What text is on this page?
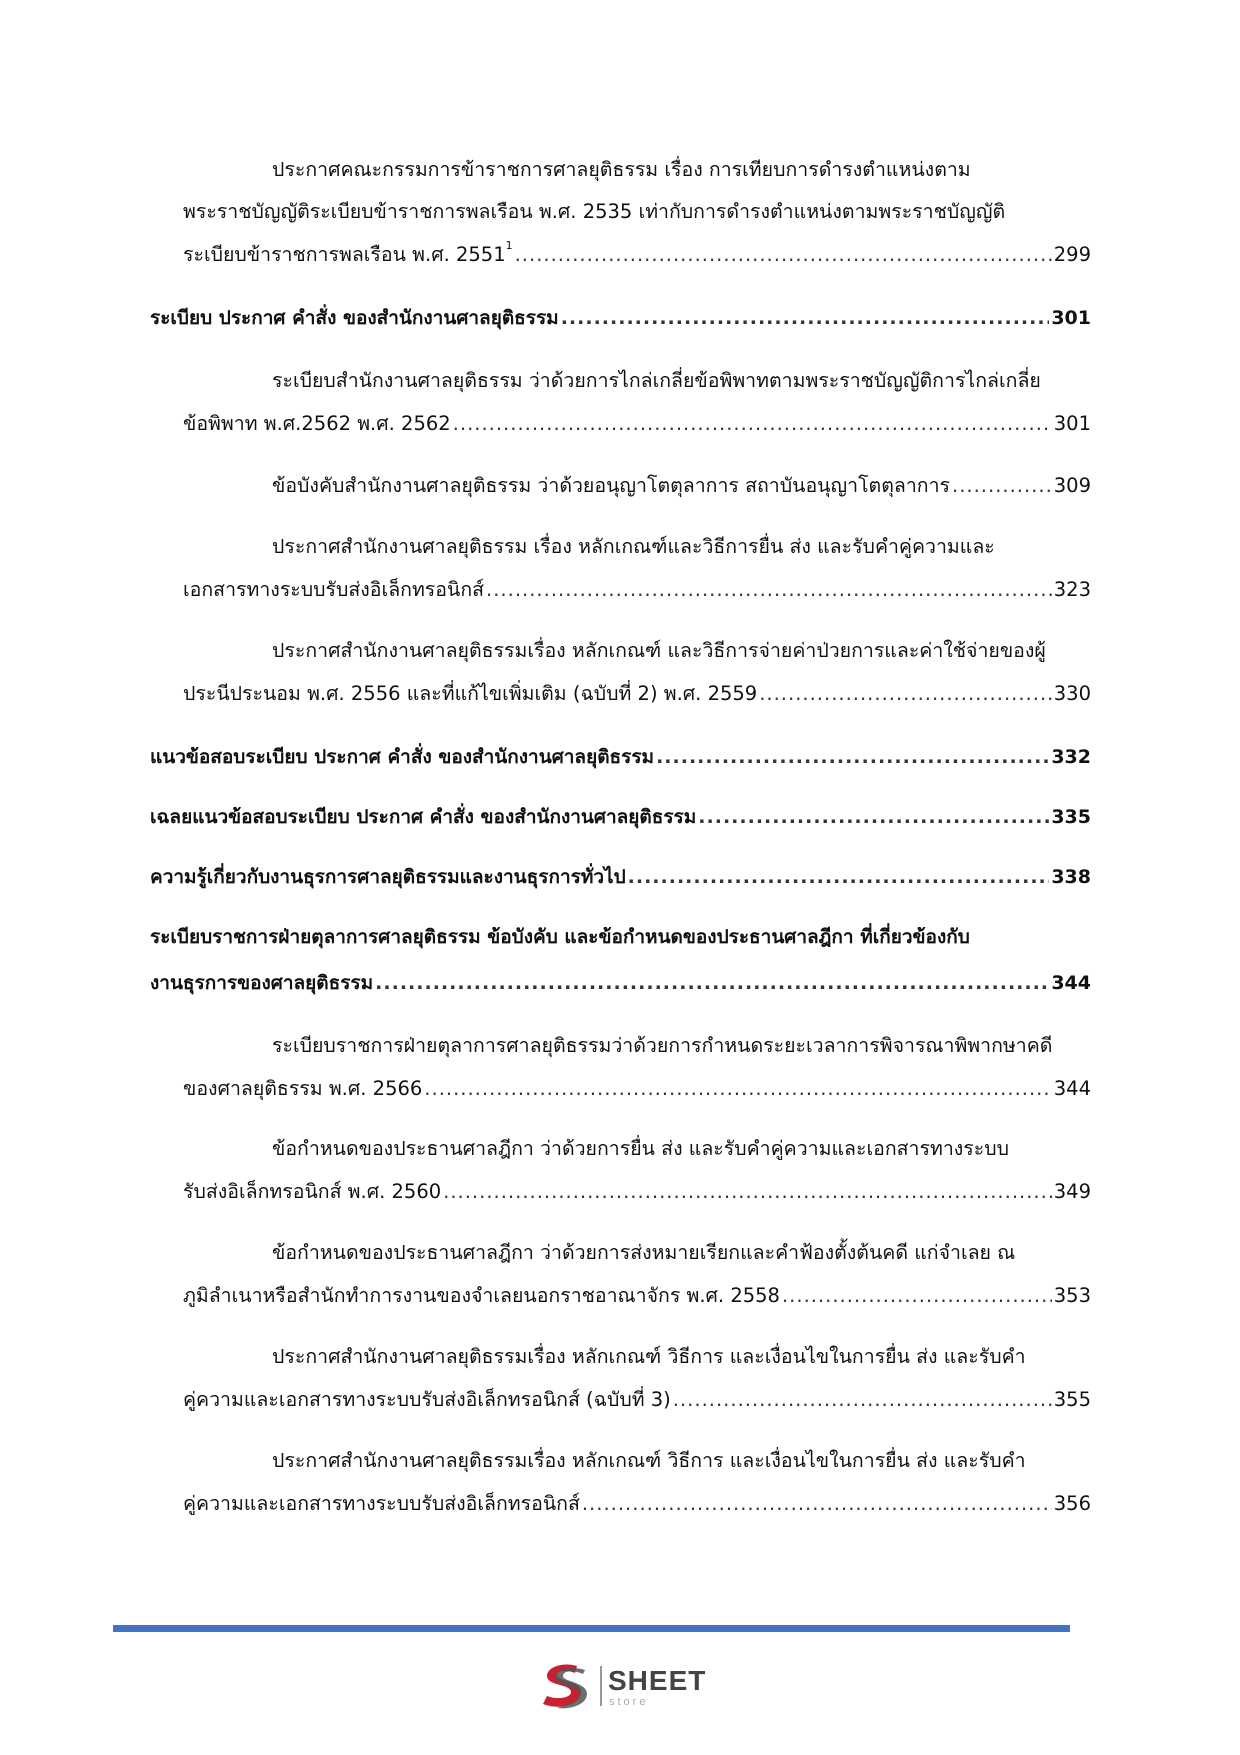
ประกาศคณะกรรมการข้าราชการศาลยุติธรรม เรื่อง การเทียบการดำรงตำแหน่งตาม
พระราชบัญญัติระเบียบข้าราชการพลเรือน พ.ศ. 2535 เท่ากับการดำรงตำแหน่งตามพระราชบัญญัติ
ระเบียบข้าราชการพลเรือน พ.ศ. 2551$^1$ .....	299
ระเบียบ ประกาศ คำสั่ง ของสำนักงานศาลยุติธรรม .....	301
ระเบียบสำนักงานศาลยุติธรรม ว่าด้วยการไกล่เกลี่ยข้อพิพาทตามพระราชบัญญัติการไกล่เกลี่ย
ข้อพิพาท พ.ศ.2562 พ.ศ. 2562 .....	301
ข้อบังคับสำนักงานศาลยุติธรรม ว่าด้วยอนุญาโตตุลาการ สถาบันอนุญาโตตุลาการ .....	309
ประกาศสำนักงานศาลยุติธรรม เรื่อง หลักเกณฑ์และวิธีการยื่น ส่ง และรับคำคู่ความและ
เอกสารทางระบบรับส่งอิเล็กทรอนิกส์ .....	323
ประกาศสำนักงานศาลยุติธรรมเรื่อง หลักเกณฑ์ และวิธีการจ่ายค่าป่วยการและค่าใช้จ่ายของผู้
ประนีประนอม พ.ศ. 2556 และที่แก้ไขเพิ่มเติม (ฉบับที่ 2) พ.ศ. 2559 .....	330
แนวข้อสอบระเบียบ ประกาศ คำสั่ง ของสำนักงานศาลยุติธรรม .....	332
เฉลยแนวข้อสอบระเบียบ ประกาศ คำสั่ง ของสำนักงานศาลยุติธรรม .....	335
ความรู้เกี่ยวกับงานธุรการศาลยุติธรรมและงานธุรการทั่วไป .....	338
ระเบียบราชการฝ่ายตุลาการศาลยุติธรรม ข้อบังคับ และข้อกำหนดของประธานศาลฎีกา ที่เกี่ยวข้องกับ
งานธุรการของศาลยุติธรรม .....	344
ระเบียบราชการฝ่ายตุลาการศาลยุติธรรมว่าด้วยการกำหนดระยะเวลาการพิจารณาพิพากษาคดี
ของศาลยุติธรรม พ.ศ. 2566 .....	344
ข้อกำหนดของประธานศาลฎีกา ว่าด้วยการยื่น ส่ง และรับคำคู่ความและเอกสารทางระบบ
รับส่งอิเล็กทรอนิกส์ พ.ศ. 2560 .....	349
ข้อกำหนดของประธานศาลฎีกา ว่าด้วยการส่งหมายเรียกและคำฟ้องตั้งต้นคดี แก่จำเลย ณ
ภูมิลำเนาหรือสำนักทำการงานของจำเลยนอกราชอาณาจักร พ.ศ. 2558 .....	353
ประกาศสำนักงานศาลยุติธรรมเรื่อง หลักเกณฑ์ วิธีการ และเงื่อนไขในการยื่น ส่ง และรับคำ
คู่ความและเอกสารทางระบบรับส่งอิเล็กทรอนิกส์ (ฉบับที่ 3) .....	355
ประกาศสำนักงานศาลยุติธรรมเรื่อง หลักเกณฑ์ วิธีการ และเงื่อนไขในการยื่น ส่ง และรับคำ
คู่ความและเอกสารทางระบบรับส่งอิเล็กทรอนิกส์ .....	356
SHEET
store
